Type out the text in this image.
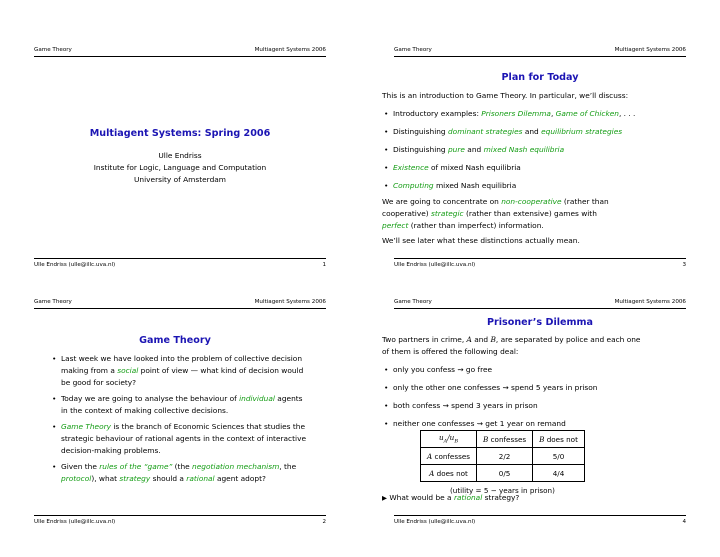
Game Theory	Multiagent Systems 2006
Multiagent Systems: Spring 2006
Ulle Endriss
Institute for Logic, Language and Computation
University of Amsterdam
Ulle Endriss (ulle@illc.uva.nl)	1
Game Theory	Multiagent Systems 2006
Plan for Today
This is an introduction to Game Theory. In particular, we’ll discuss:
• Introductory examples: Prisoners Dilemma, Game of Chicken, . . .
• Distinguishing dominant strategies and equilibrium strategies
• Distinguishing pure and mixed Nash equilibria
• Existence of mixed Nash equilibria
• Computing mixed Nash equilibria
We are going to concentrate on non-cooperative (rather than cooperative) strategic (rather than extensive) games with perfect (rather than imperfect) information.
We’ll see later what these distinctions actually mean.
Ulle Endriss (ulle@illc.uva.nl)	3
Game Theory	Multiagent Systems 2006
Game Theory
• Last week we have looked into the problem of collective decision making from a social point of view — what kind of decision would be good for society?
• Today we are going to analyse the behaviour of individual agents in the context of making collective decisions.
• Game Theory is the branch of Economic Sciences that studies the strategic behaviour of rational agents in the context of interactive decision-making problems.
• Given the rules of the “game” (the negotiation mechanism, the protocol), what strategy should a rational agent adopt?
Ulle Endriss (ulle@illc.uva.nl)	2
Game Theory	Multiagent Systems 2006
Prisoner’s Dilemma
Two partners in crime, A and B, are separated by police and each one of them is offered the following deal:
• only you confess ⇝ go free
• only the other one confesses ⇝ spend 5 years in prison
• both confess ⇝ spend 3 years in prison
• neither one confesses ⇝ get 1 year on remand
$u_A/u_B$	B confesses	B does not
A confesses	2/2	5/0
A does not	0/5	4/4
(utility = 5 − years in prison)
▶ What would be a rational strategy?
Ulle Endriss (ulle@illc.uva.nl)	4
